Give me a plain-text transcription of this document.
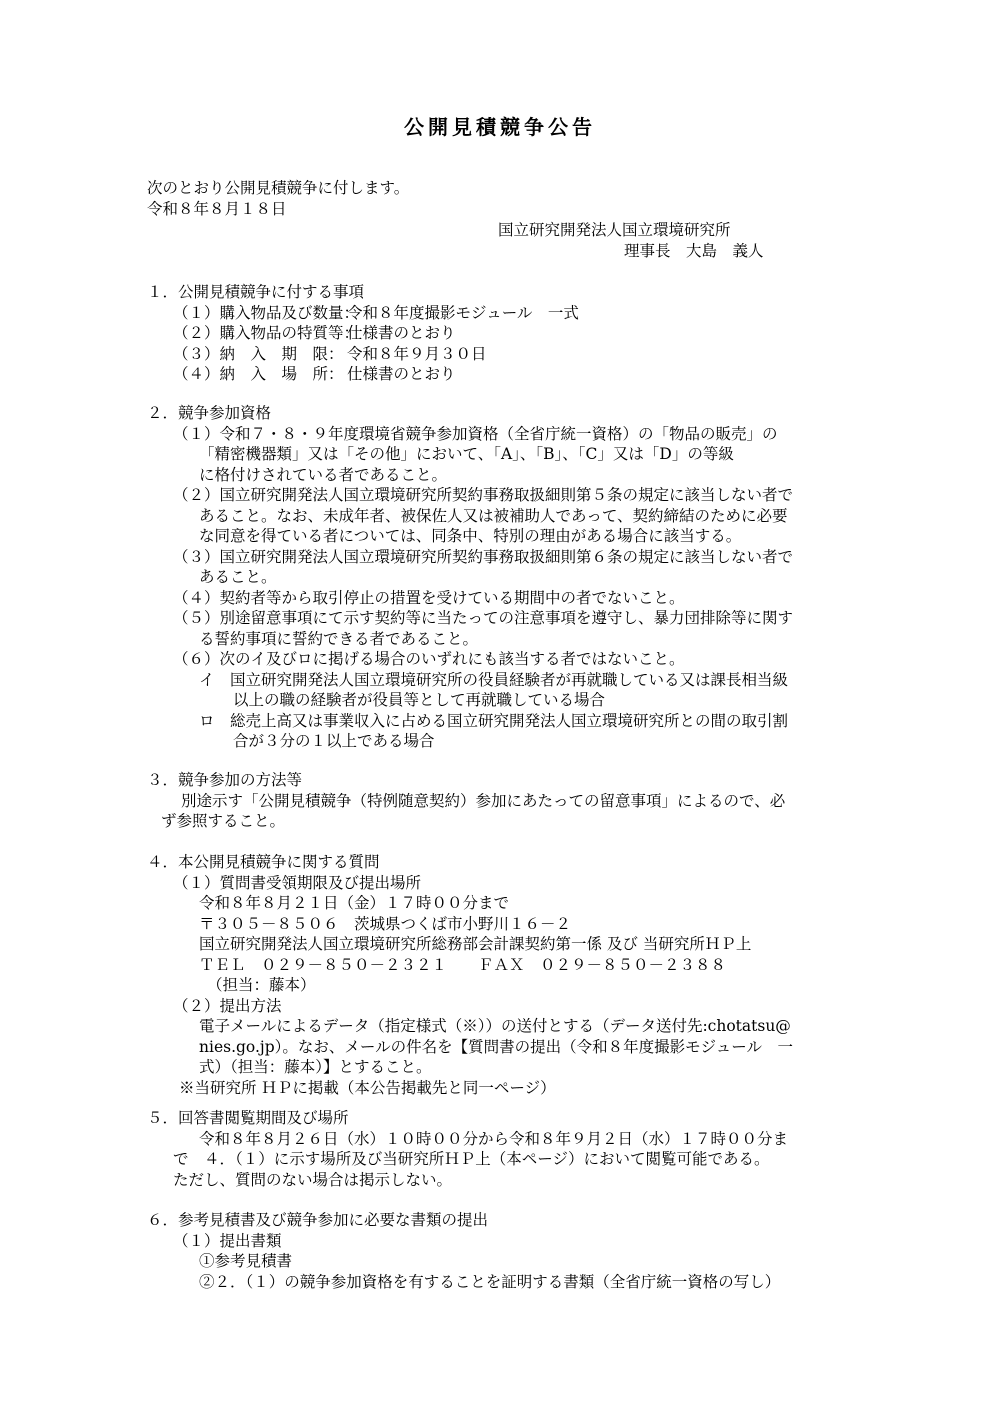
公開見積競争公告
次のとおり公開見積競争に付します。
令和８年８月１８日
国立研究開発法人国立環境研究所
理事長　大島　義人
１．公開見積競争に付する事項
（１）購入物品及び数量：令和８年度撮影モジュール　一式
（２）購入物品の特質等：仕様書のとおり
（３）納　入　期　限： 令和８年９月３０日
（４）納　入　場　所： 仕様書のとおり
２．競争参加資格
（１）令和７・８・９年度環境省競争参加資格（全省庁統一資格）の「物品の販売」の
「精密機器類」又は「その他」において、「A」、「B」、「C」又は「D」の等級
に格付けされている者であること。
（２）国立研究開発法人国立環境研究所契約事務取扱細則第５条の規定に該当しない者で
あること。なお、未成年者、被保佐人又は被補助人であって、契約締結のために必要
な同意を得ている者については、同条中、特別の理由がある場合に該当する。
（３）国立研究開発法人国立環境研究所契約事務取扱細則第６条の規定に該当しない者で
あること。
（４）契約者等から取引停止の措置を受けている期間中の者でないこと。
（５）別途留意事項にて示す契約等に当たっての注意事項を遵守し、暴力団排除等に関す
る誓約事項に誓約できる者であること。
（６）次のイ及びロに掲げる場合のいずれにも該当する者ではないこと。
イ　国立研究開発法人国立環境研究所の役員経験者が再就職している又は課長相当級
以上の職の経験者が役員等として再就職している場合
ロ　総売上高又は事業収入に占める国立研究開発法人国立環境研究所との間の取引割
合が３分の１以上である場合
３．競争参加の方法等
別途示す「公開見積競争（特例随意契約）参加にあたっての留意事項」によるので、必
ず参照すること。
４．本公開見積競争に関する質問
（１）質問書受領期限及び提出場所
令和８年８月２１日（金）１７時００分まで
〒３０５－８５０６　茨城県つくば市小野川１６－２
国立研究開発法人国立環境研究所総務部会計課契約第一係 及び 当研究所ＨＰ上
ＴＥＬ　０２９－８５０－２３２１　　ＦＡＸ　０２９－８５０－２３８８
（担当：藤本）
（２）提出方法
電子メールによるデータ（指定様式（※））の送付とする（データ送付先:chotatsu@
nies.go.jp）。なお、メールの件名を【質問書の提出（令和８年度撮影モジュール　一
式）（担当：藤本）】とすること。
※当研究所 ＨＰに掲載（本公告掲載先と同一ページ）
５．回答書閲覧期間及び場所
令和８年８月２６日（水）１０時００分から令和８年９月２日（水）１７時００分ま
で　４．（１）に示す場所及び当研究所ＨＰ上（本ページ）において閲覧可能である。
ただし、質問のない場合は掲示しない。
６．参考見積書及び競争参加に必要な書類の提出
（１）提出書類
①参考見積書
②２．（１）の競争参加資格を有することを証明する書類（全省庁統一資格の写し）
